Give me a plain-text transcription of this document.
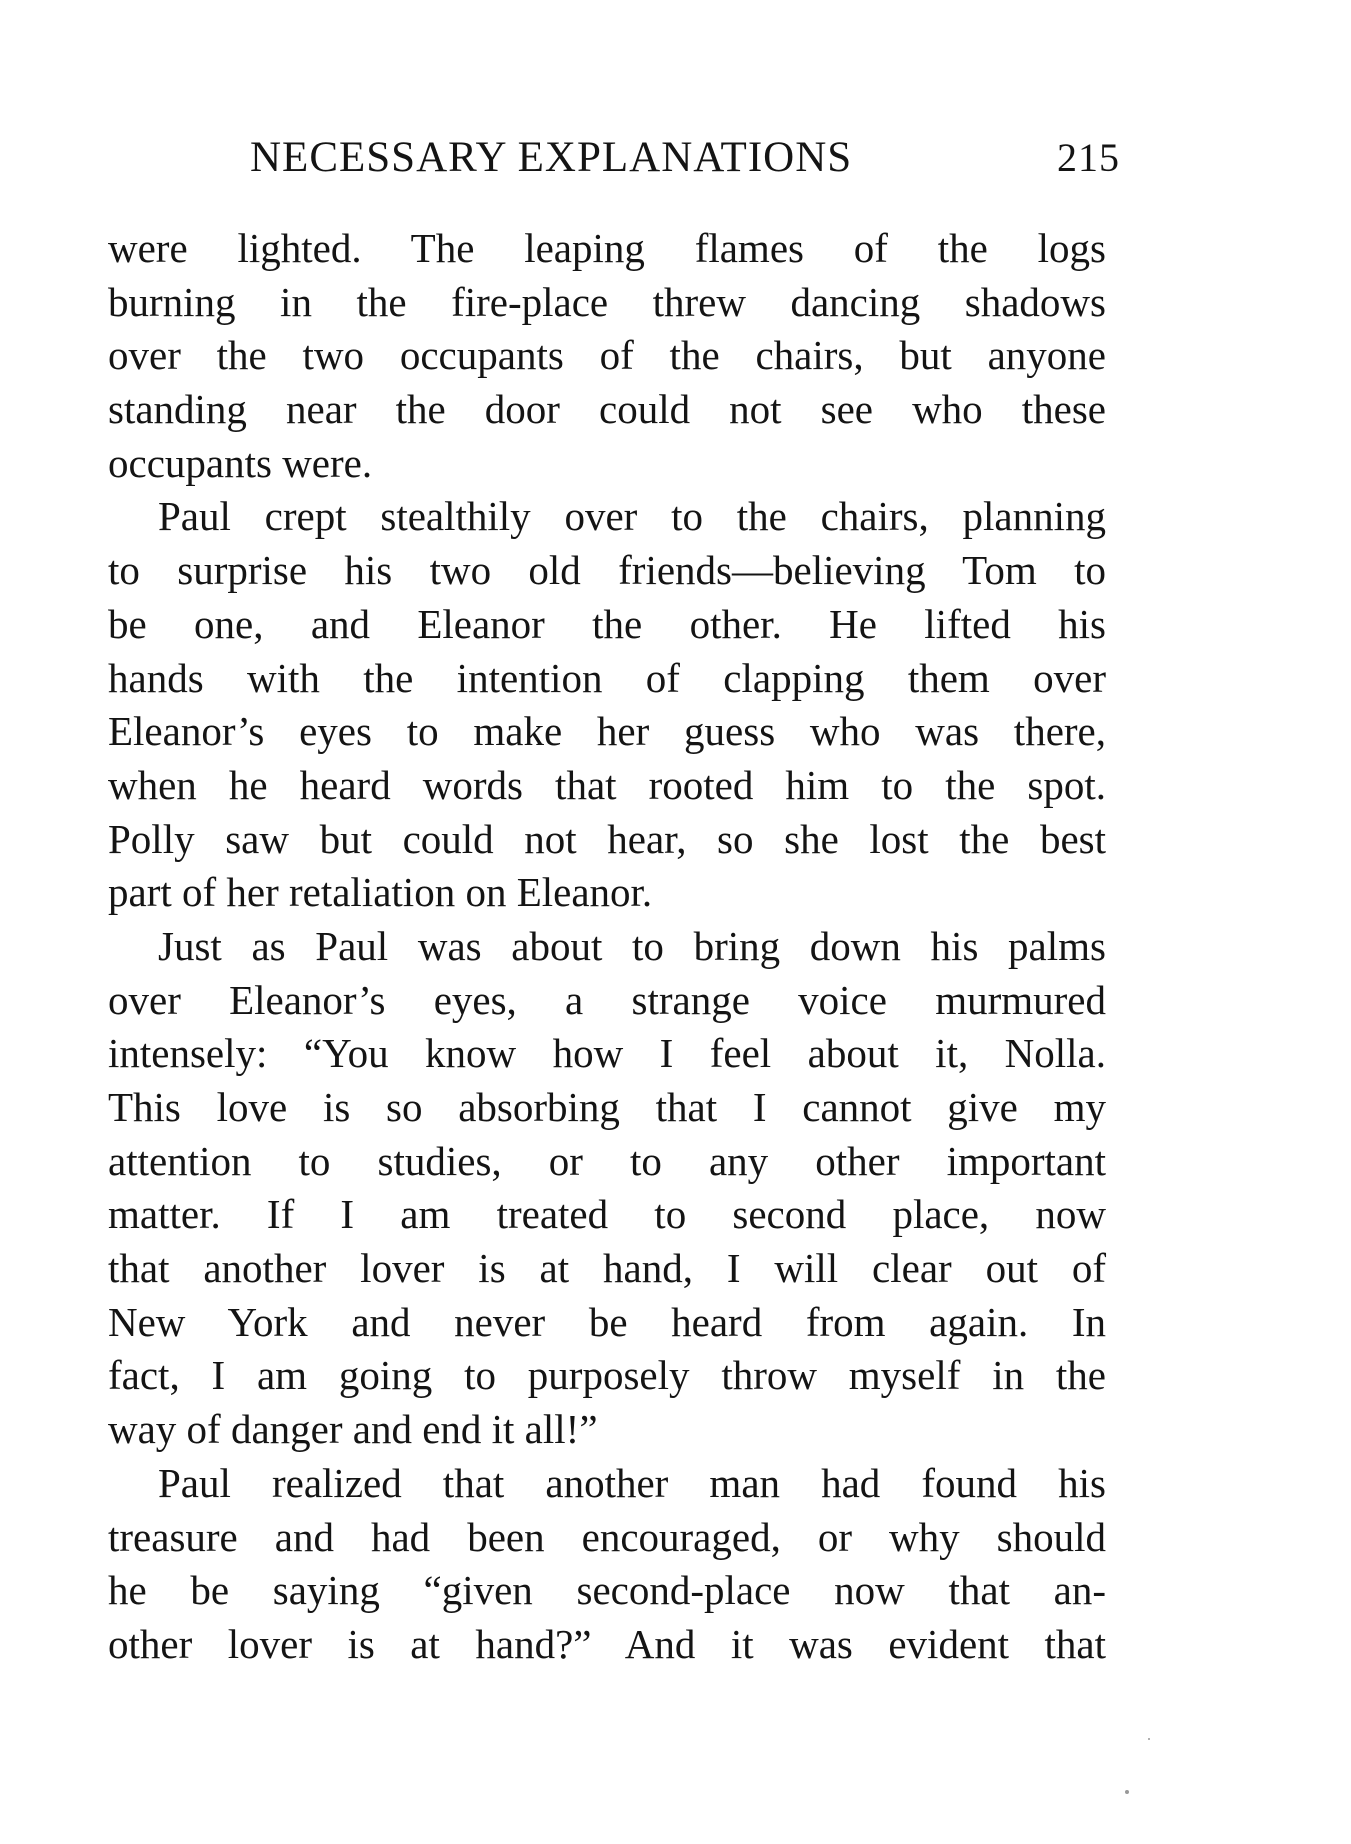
NECESSARY EXPLANATIONS	215
were lighted. The leaping flames of the logs
burning in the fire-place threw dancing shadows
over the two occupants of the chairs, but anyone
standing near the door could not see who these
occupants were.
Paul crept stealthily over to the chairs, planning
to surprise his two old friends—believing Tom to
be one, and Eleanor the other. He lifted his
hands with the intention of clapping them over
Eleanor’s eyes to make her guess who was there,
when he heard words that rooted him to the spot.
Polly saw but could not hear, so she lost the best
part of her retaliation on Eleanor.
Just as Paul was about to bring down his palms
over Eleanor’s eyes, a strange voice murmured
intensely: “You know how I feel about it, Nolla.
This love is so absorbing that I cannot give my
attention to studies, or to any other important
matter. If I am treated to second place, now
that another lover is at hand, I will clear out of
New York and never be heard from again. In
fact, I am going to purposely throw myself in the
way of danger and end it all!”
Paul realized that another man had found his
treasure and had been encouraged, or why should
he be saying “given second-place now that an-
other lover is at hand?” And it was evident that
